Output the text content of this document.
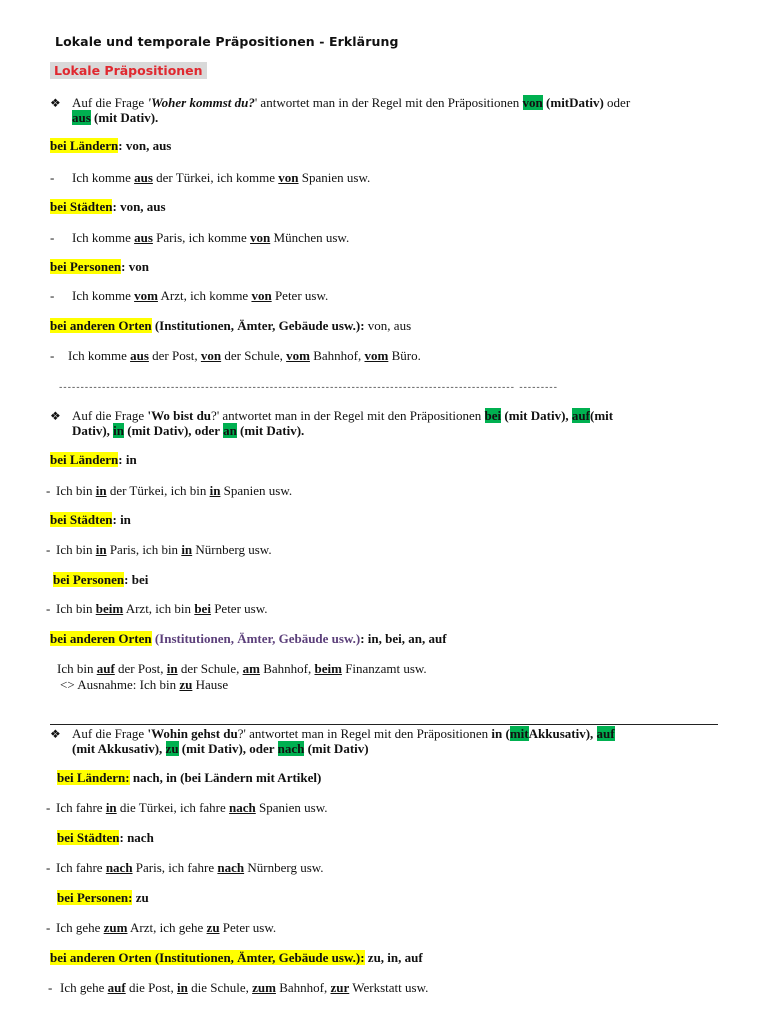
Lokale und temporale Präpositionen - Erklärung
Lokale Präpositionen
❖ Auf die Frage 'Woher kommst du?' antwortet man in der Regel mit den Präpositionen von (mitDativ) oder
aus (mit Dativ).
bei Ländern: von, aus
- Ich komme aus der Türkei, ich komme von Spanien usw.
bei Städten: von, aus
- Ich komme aus Paris, ich komme von München usw.
bei Personen: von
- Ich komme vom Arzt, ich komme von Peter usw.
bei anderen Orten (Institutionen, Ämter, Gebäude usw.): von, aus
- Ich komme aus der Post, von der Schule, vom Bahnhof, vom Büro.
---------------------------------------------------------------------------------------------------------- ---------
❖ Auf die Frage 'Wo bist du?' antwortet man in der Regel mit den Präpositionen bei (mit Dativ), auf(mit
Dativ), in (mit Dativ), oder an (mit Dativ).
bei Ländern: in
- Ich bin in der Türkei, ich bin in Spanien usw.
bei Städten: in
- Ich bin in Paris, ich bin in Nürnberg usw.
bei Personen: bei
- Ich bin beim Arzt, ich bin bei Peter usw.
bei anderen Orten (Institutionen, Ämter, Gebäude usw.): in, bei, an, auf
Ich bin auf der Post, in der Schule, am Bahnhof, beim Finanzamt usw.
<> Ausnahme: Ich bin zu Hause
❖ Auf die Frage 'Wohin gehst du?' antwortet man in Regel mit den Präpositionen in (mitAkkusativ), auf
(mit Akkusativ), zu (mit Dativ), oder nach (mit Dativ)
bei Ländern: nach, in (bei Ländern mit Artikel)
- Ich fahre in die Türkei, ich fahre nach Spanien usw.
bei Städten: nach
- Ich fahre nach Paris, ich fahre nach Nürnberg usw.
bei Personen: zu
- Ich gehe zum Arzt, ich gehe zu Peter usw.
bei anderen Orten (Institutionen, Ämter, Gebäude usw.): zu, in, auf
- Ich gehe auf die Post, in die Schule, zum Bahnhof, zur Werkstatt usw.
